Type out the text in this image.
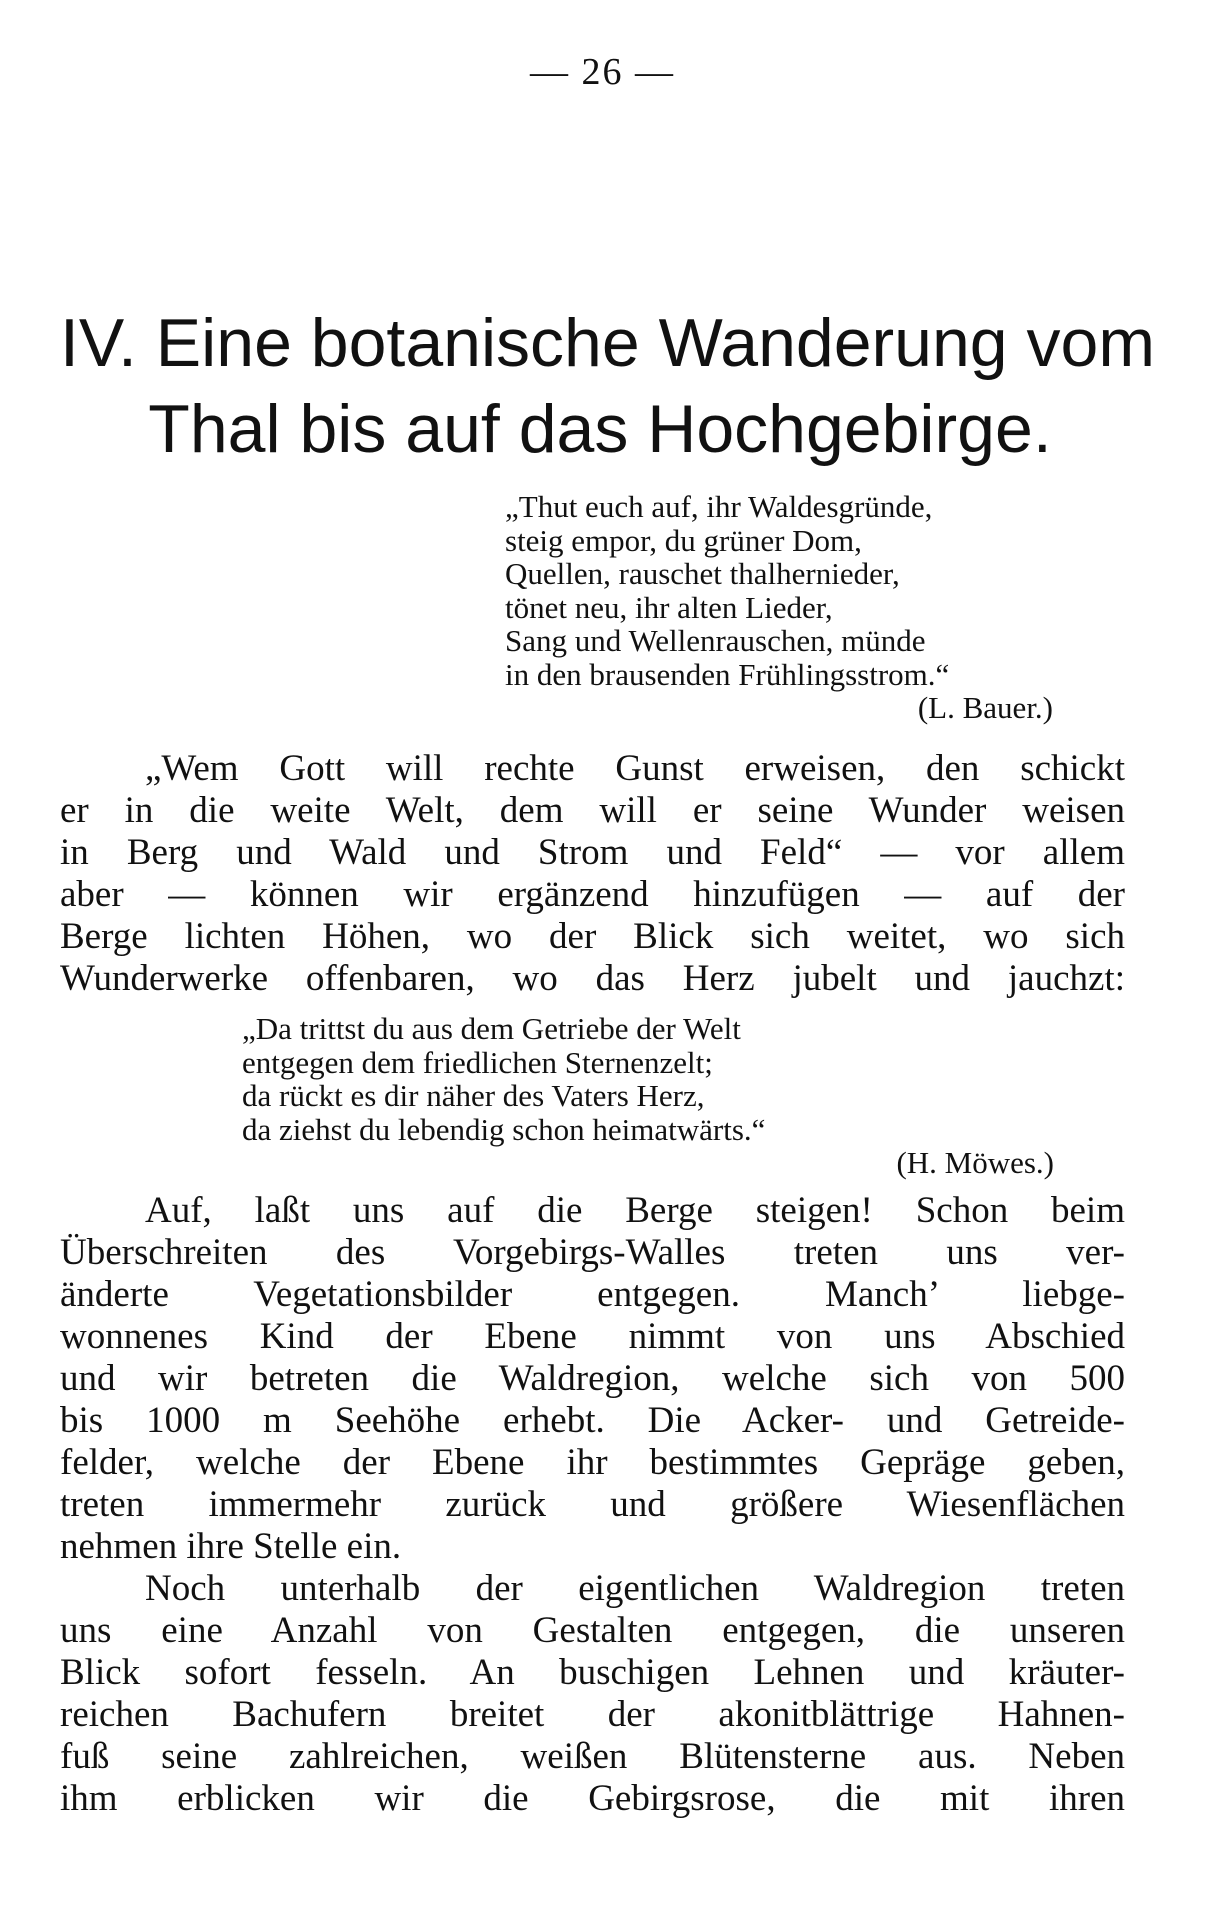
— 26 —
IV. Eine botanische Wanderung vom
Thal bis auf das Hochgebirge.
„Thut euch auf, ihr Waldesgründe,
steig empor, du grüner Dom,
Quellen, rauschet thalhernieder,
tönet neu, ihr alten Lieder,
Sang und Wellenrauschen, münde
in den brausenden Frühlingsstrom.“
(L. Bauer.)
„Wem Gott will rechte Gunst erweisen, den schickt
er in die weite Welt, dem will er seine Wunder weisen
in Berg und Wald und Strom und Feld“ — vor allem
aber — können wir ergänzend hinzufügen — auf der
Berge lichten Höhen, wo der Blick sich weitet, wo sich
Wunderwerke offenbaren, wo das Herz jubelt und jauchzt:
„Da trittst du aus dem Getriebe der Welt
entgegen dem friedlichen Sternenzelt;
da rückt es dir näher des Vaters Herz,
da ziehst du lebendig schon heimatwärts.“
(H. Möwes.)
Auf, laßt uns auf die Berge steigen! Schon beim
Überschreiten des Vorgebirgs-Walles treten uns ver-
änderte Vegetationsbilder entgegen. Manch’ liebge-
wonnenes Kind der Ebene nimmt von uns Abschied
und wir betreten die Waldregion, welche sich von 500
bis 1000 m Seehöhe erhebt. Die Acker- und Getreide-
felder, welche der Ebene ihr bestimmtes Gepräge geben,
treten immermehr zurück und größere Wiesenflächen
nehmen ihre Stelle ein.
Noch unterhalb der eigentlichen Waldregion treten
uns eine Anzahl von Gestalten entgegen, die unseren
Blick sofort fesseln. An buschigen Lehnen und kräuter-
reichen Bachufern breitet der akonitblättrige Hahnen-
fuß seine zahlreichen, weißen Blütensterne aus. Neben
ihm erblicken wir die Gebirgsrose, die mit ihren
